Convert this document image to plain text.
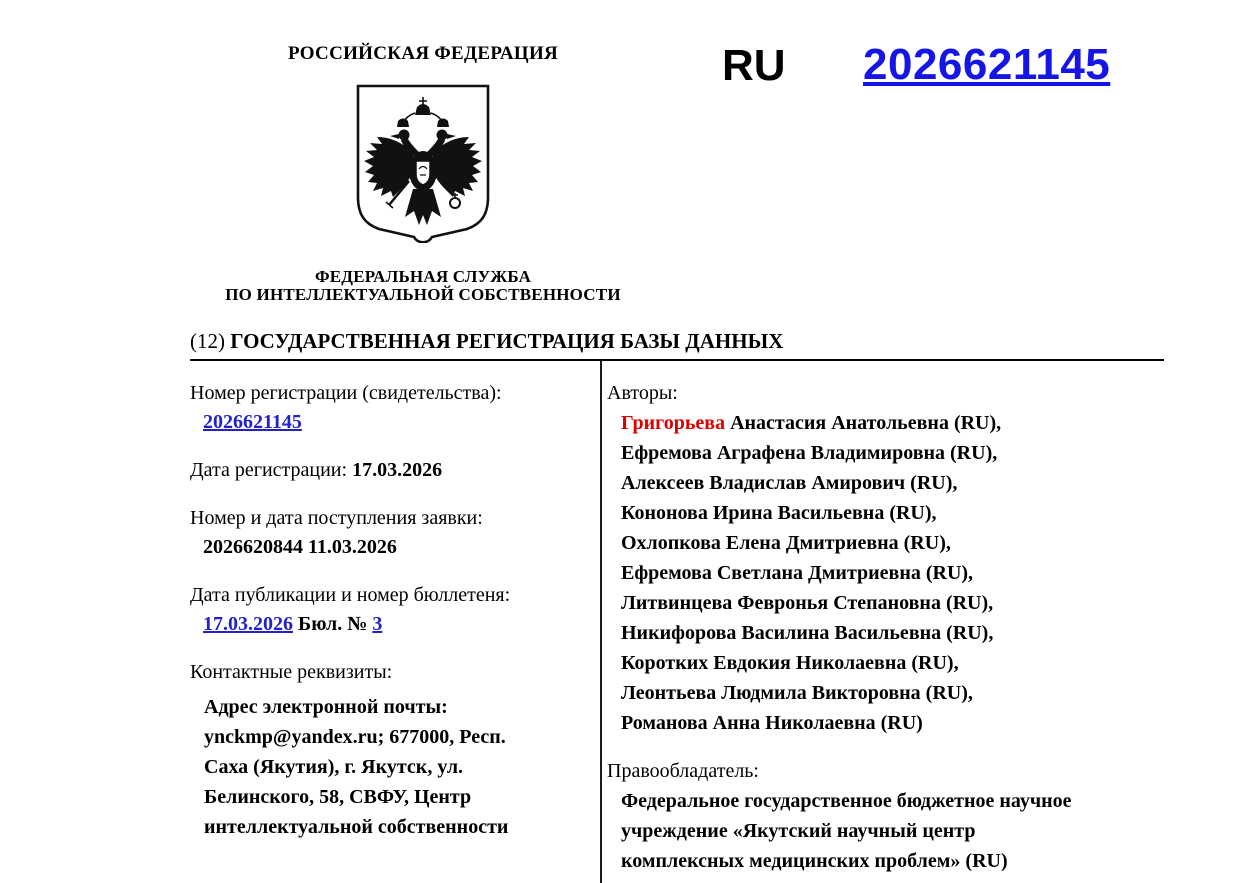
РОССИЙСКАЯ ФЕДЕРАЦИЯ
ФЕДЕРАЛЬНАЯ СЛУЖБА
ПО ИНТЕЛЛЕКТУАЛЬНОЙ СОБСТВЕННОСТИ
RU 2026621145
(12) ГОСУДАРСТВЕННАЯ РЕГИСТРАЦИЯ БАЗЫ ДАННЫХ
Номер регистрации (свидетельства):
2026621145
Дата регистрации: 17.03.2026
Номер и дата поступления заявки:
2026620844 11.03.2026
Дата публикации и номер бюллетеня:
17.03.2026 Бюл. № 3
Контактные реквизиты:
Адрес электронной почты:
ynckmp@yandex.ru; 677000, Респ.
Саха (Якутия), г. Якутск, ул.
Белинского, 58, СВФУ, Центр
интеллектуальной собственности
Авторы:
Григорьева Анастасия Анатольевна (RU),
Ефремова Аграфена Владимировна (RU),
Алексеев Владислав Амирович (RU),
Кононова Ирина Васильевна (RU),
Охлопкова Елена Дмитриевна (RU),
Ефремова Светлана Дмитриевна (RU),
Литвинцева Февронья Степановна (RU),
Никифорова Василина Васильевна (RU),
Коротких Евдокия Николаевна (RU),
Леонтьева Людмила Викторовна (RU),
Романова Анна Николаевна (RU)
Правообладатель:
Федеральное государственное бюджетное научное
учреждение «Якутский научный центр
комплексных медицинских проблем» (RU)
